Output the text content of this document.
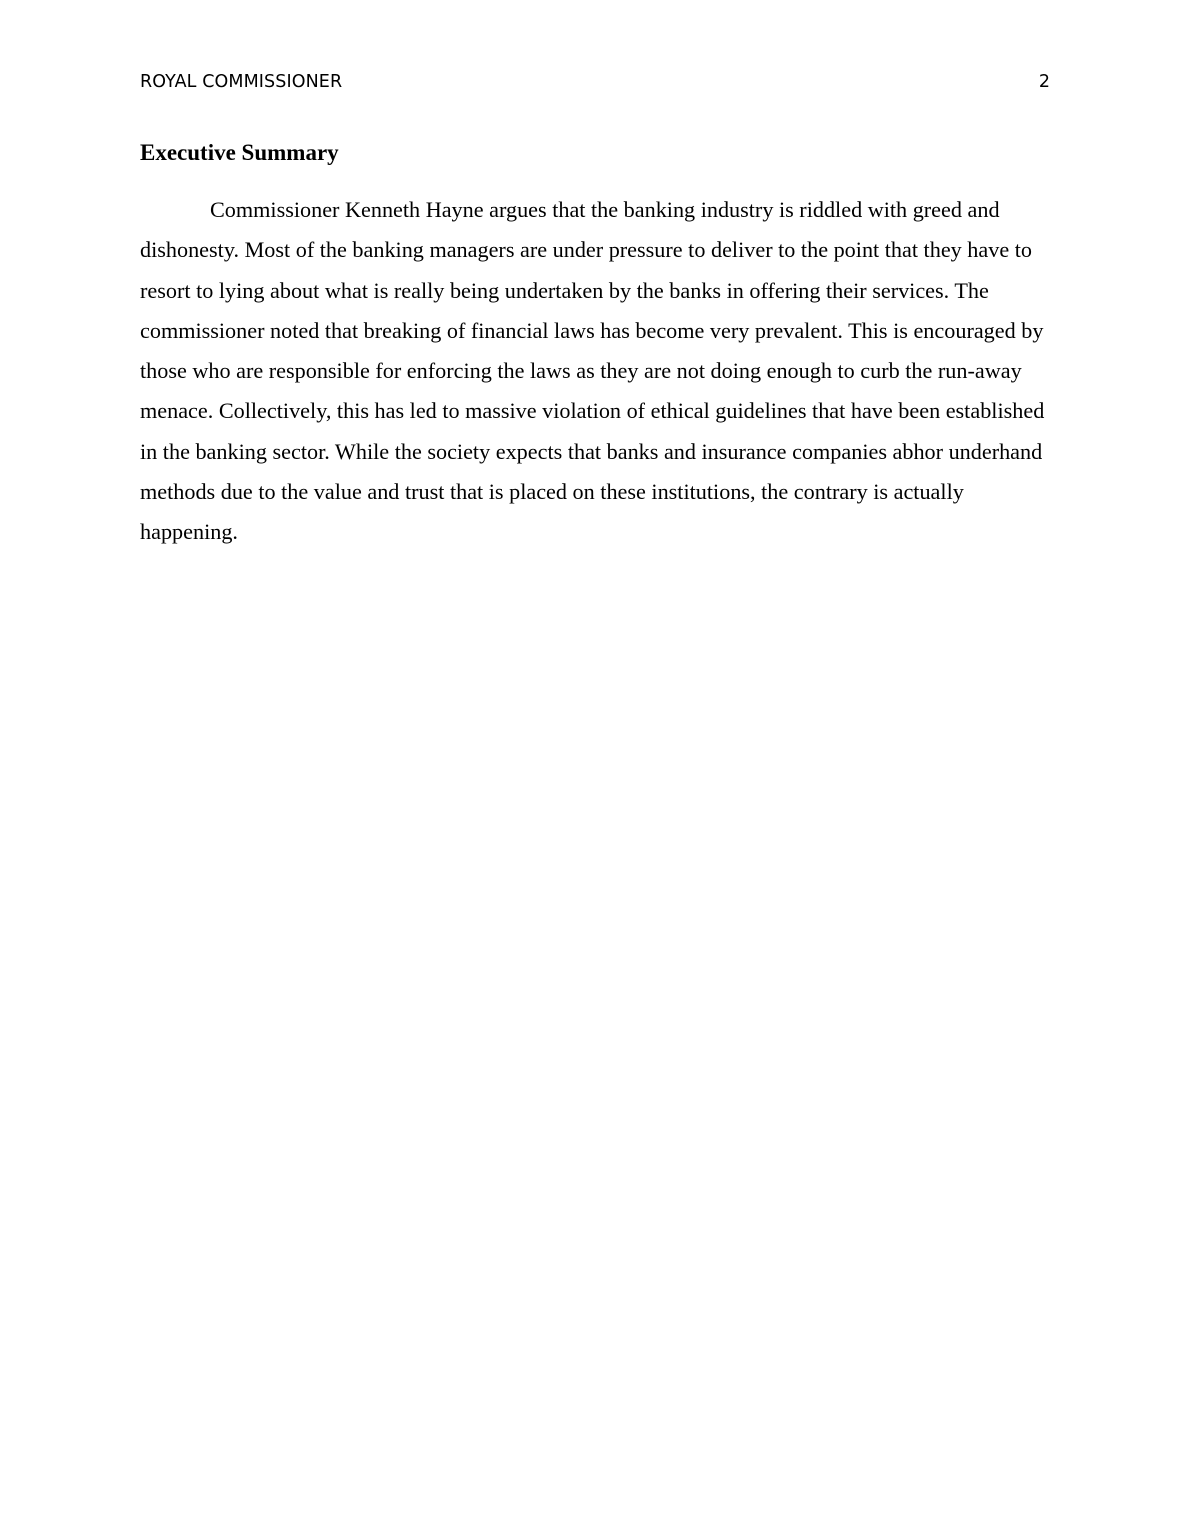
ROYAL COMMISSIONER	2
Executive Summary

Commissioner Kenneth Hayne argues that the banking industry is riddled with greed and dishonesty. Most of the banking managers are under pressure to deliver to the point that they have to resort to lying about what is really being undertaken by the banks in offering their services. The commissioner noted that breaking of financial laws has become very prevalent. This is encouraged by those who are responsible for enforcing the laws as they are not doing enough to curb the run-away menace. Collectively, this has led to massive violation of ethical guidelines that have been established in the banking sector. While the society expects that banks and insurance companies abhor underhand methods due to the value and trust that is placed on these institutions, the contrary is actually happening.
